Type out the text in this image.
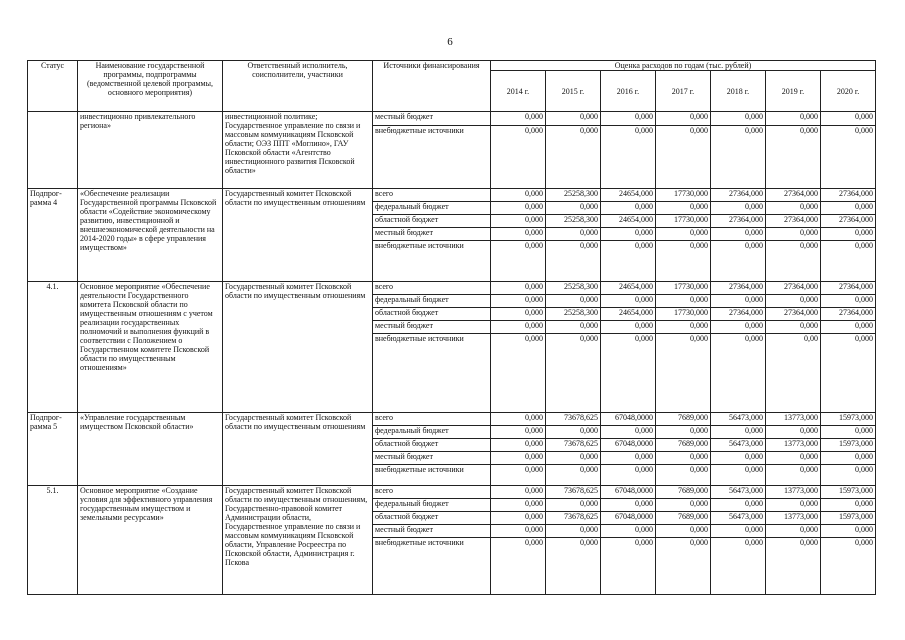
6
Статус	Наименование государственной программы, подпрограммы (ведомственной целевой программы, основного мероприятия)	Ответственный исполнитель, соисполнители, участники	Источники финансирования	Оценка расходов по годам (тыс. рублей)						
				2014 г.	2015 г.	2016 г.	2017 г.	2018 г.	2019 г.	2020 г.
	инвестиционно привлекательного региона»	инвестиционной политике; Государственное управление по связи и массовым коммуникациям Псковской области; ОЭЗ ППТ «Моглино», ГАУ Псковской области «Агентство инвестиционного развития Псковской области»	местный бюджет	0,000	0,000	0,000	0,000	0,000	0,000	0,000
			внебюджетные источники	0,000	0,000	0,000	0,000	0,000	0,000	0,000
Подпрог- рамма 4	«Обеспечение реализации Государственной программы Псковской области «Содействие экономическому развитию, инвестиционной и внешнеэкономической деятельности на 2014-2020 годы» в сфере управления имуществом»	Государственный комитет Псковской области по имущественным отношениям	всего	0,000	25258,300	24654,000	17730,000	27364,000	27364,000	27364,000
			федеральный бюджет	0,000	0,000	0,000	0,000	0,000	0,000	0,000
			областной бюджет	0,000	25258,300	24654,000	17730,000	27364,000	27364,000	27364,000
			местный бюджет	0,000	0,000	0,000	0,000	0,000	0,000	0,000
			внебюджетные источники	0,000	0,000	0,000	0,000	0,000	0,000	0,000
4.1.	Основное мероприятие «Обеспечение деятельности Государственного комитета Псковской области по имущественным отношениям с учетом реализации государственных полномочий и выполнения функций в соответствии с Положением о Государственном комитете Псковской области по имущественным отношениям»	Государственный комитет Псковской области по имущественным отношениям	всего	0,000	25258,300	24654,000	17730,000	27364,000	27364,000	27364,000
			федеральный бюджет	0,000	0,000	0,000	0,000	0,000	0,000	0,000
			областной бюджет	0,000	25258,300	24654,000	17730,000	27364,000	27364,000	27364,000
			местный бюджет	0,000	0,000	0,000	0,000	0,000	0,000	0,000
			внебюджетные источники	0,000	0,000	0,000	0,000	0,000	0,00	0,000
Подпрог- рамма 5	«Управление государственным имуществом Псковской области»	Государственный комитет Псковской области по имущественным отношениям	всего	0,000	73678,625	67048,0000	7689,000	56473,000	13773,000	15973,000
			федеральный бюджет	0,000	0,000	0,000	0,000	0,000	0,000	0,000
			областной бюджет	0,000	73678,625	67048,0000	7689,000	56473,000	13773,000	15973,000
			местный бюджет	0,000	0,000	0,000	0,000	0,000	0,000	0,000
			внебюджетные источники	0,000	0,000	0,000	0,000	0,000	0,000	0,000
5.1.	Основное мероприятие «Создание условия для эффективного управления государственным имуществом и земельными ресурсами»	Государственный комитет Псковской области по имущественным отношениям, Государственно-правовой комитет Администрации области, Государственное управление по связи и массовым коммуникациям Псковской области, Управление Росреестра по Псковской области, Администрация г. Пскова	всего	0,000	73678,625	67048,0000	7689,000	56473,000	13773,000	15973,000
			федеральный бюджет	0,000	0,000	0,000	0,000	0,000	0,000	0,000
			областной бюджет	0,000	73678,625	67048,0000	7689,000	56473,000	13773,000	15973,000
			местный бюджет	0,000	0,000	0,000	0,000	0,000	0,000	0,000
			внебюджетные источники	0,000	0,000	0,000	0,000	0,000	0,000	0,000
